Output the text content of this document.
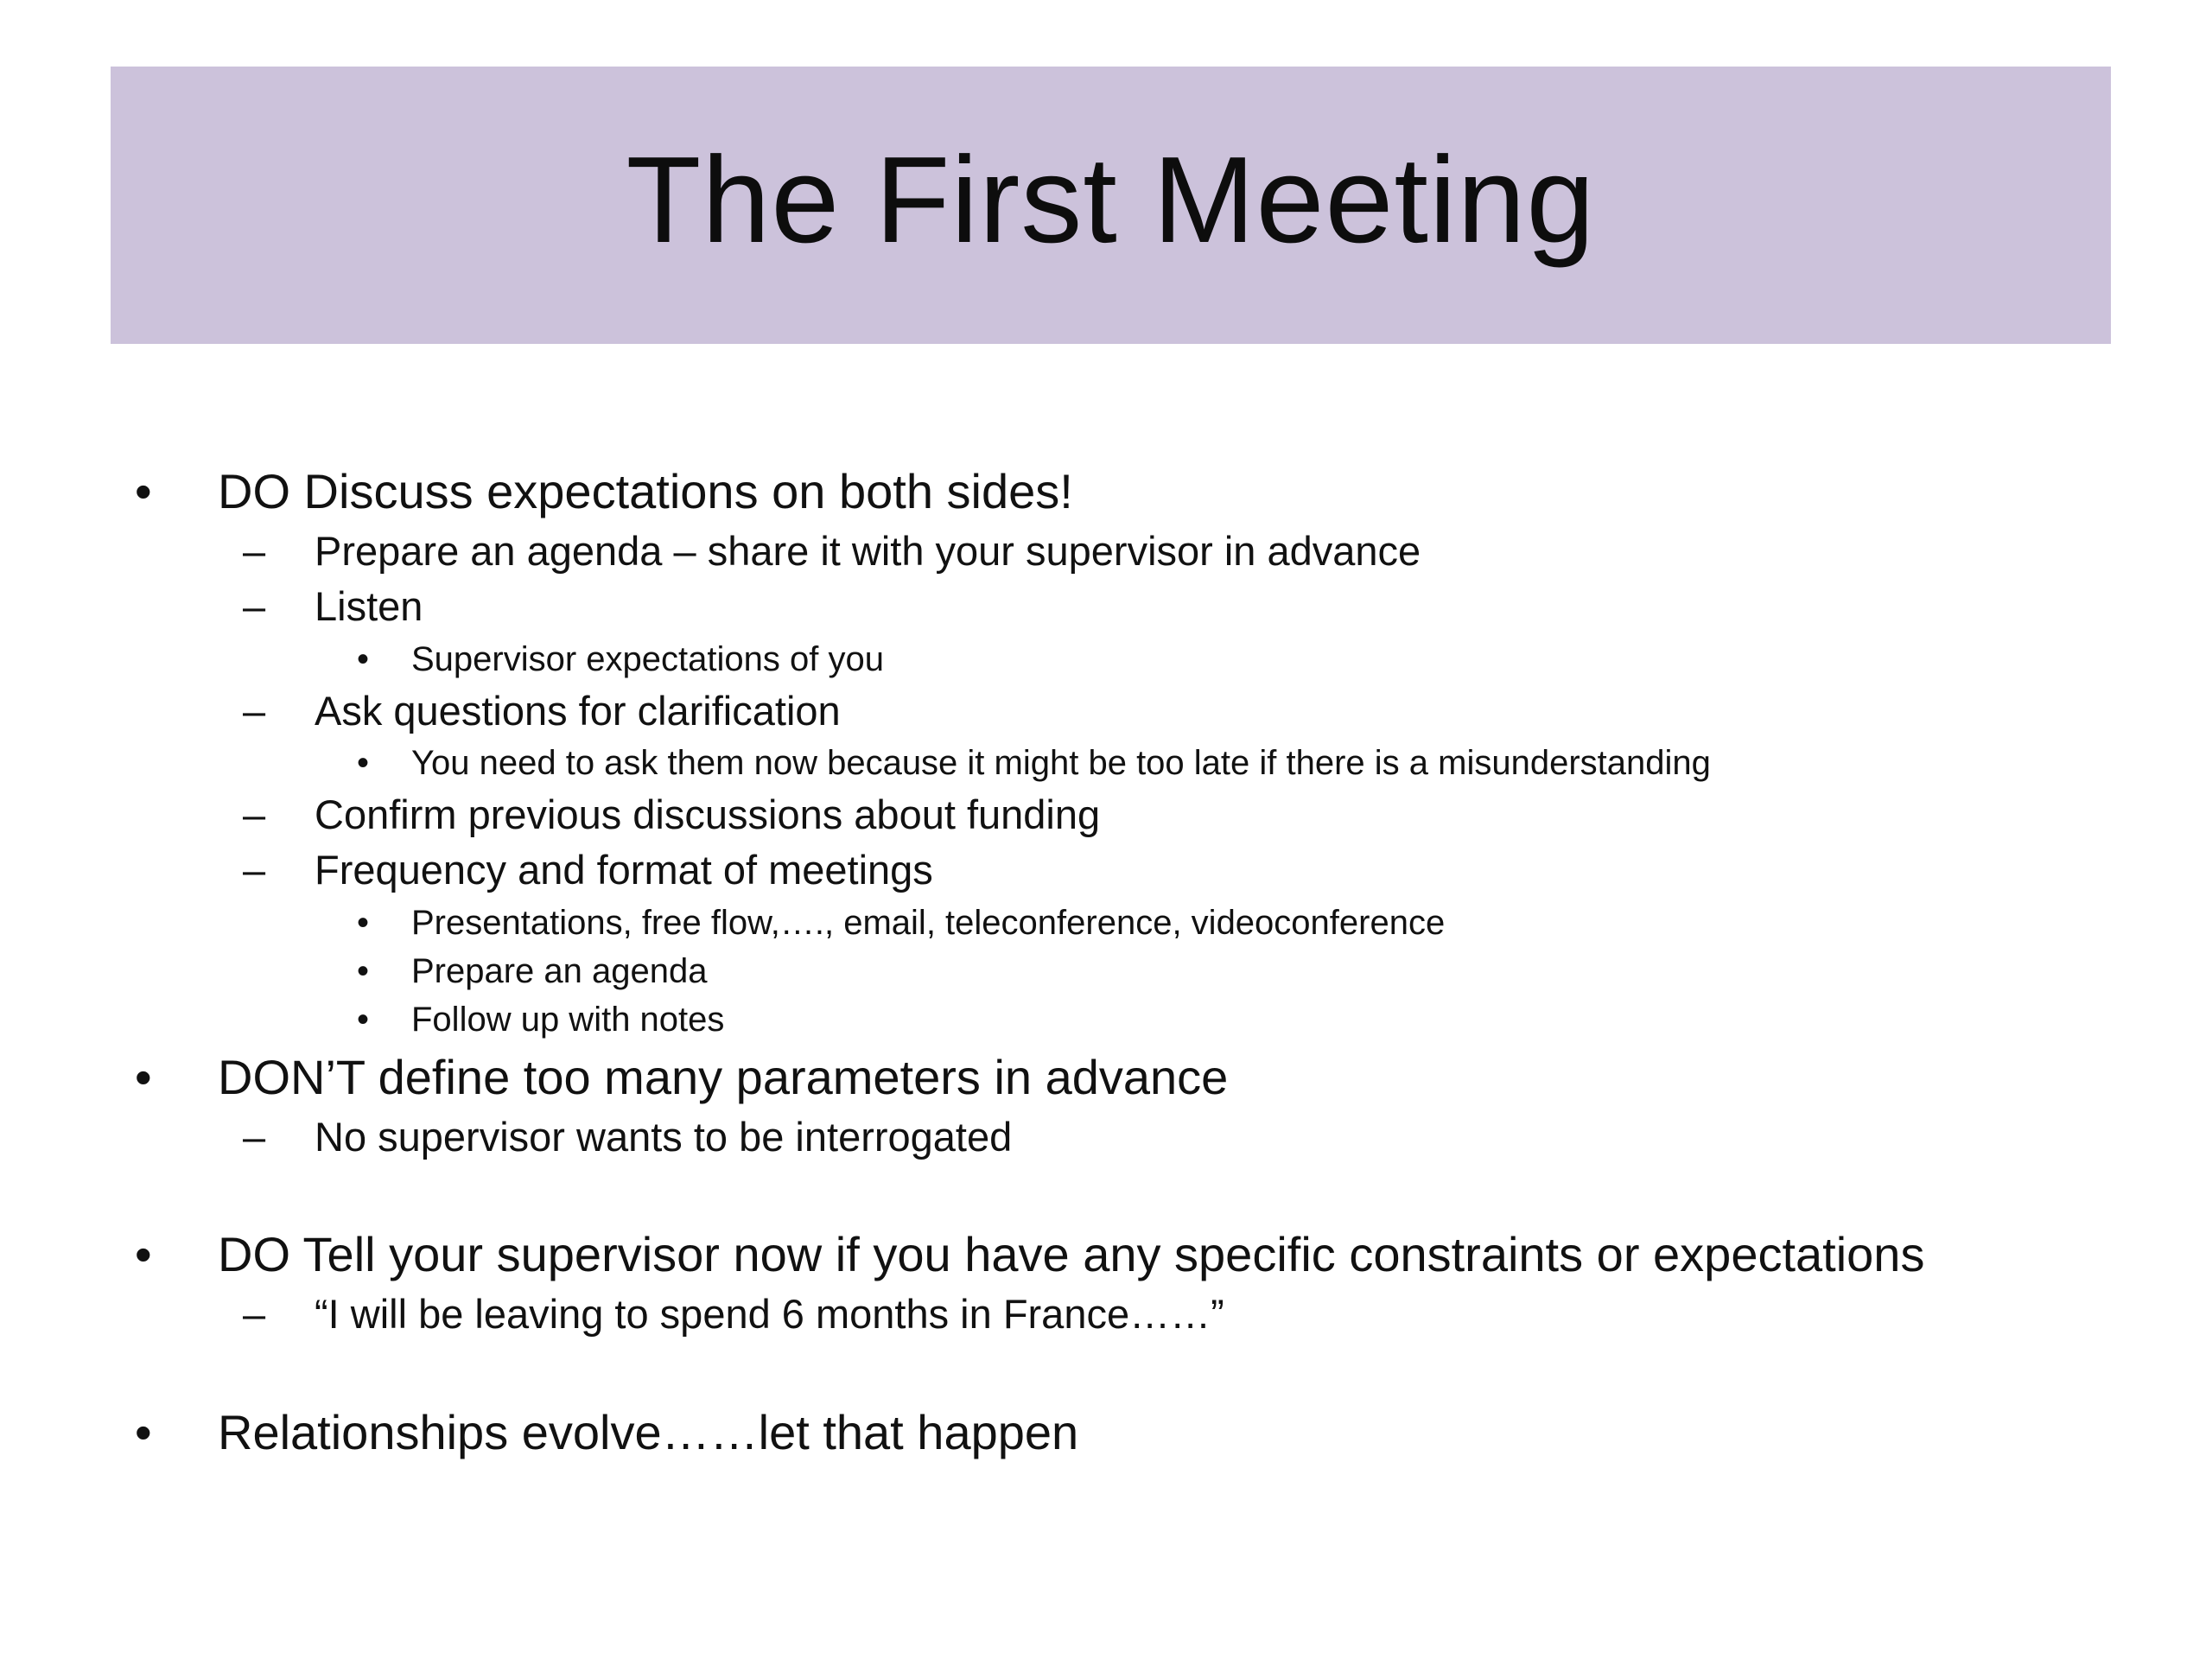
The First Meeting
• DO Discuss expectations on both sides!
– Prepare an agenda – share it with your supervisor in advance
– Listen
• Supervisor expectations of you
– Ask questions for clarification
• You need to ask them now because it might be too late if there is a misunderstanding
– Confirm previous discussions about funding
– Frequency and format of meetings
• Presentations, free flow,…., email, teleconference, videoconference
• Prepare an agenda
• Follow up with notes
• DON’T define too many parameters in advance
– No supervisor wants to be interrogated
• DO Tell your supervisor now if you have any specific constraints or expectations
– “I will be leaving to spend 6 months in France……”
• Relationships evolve……let that happen
